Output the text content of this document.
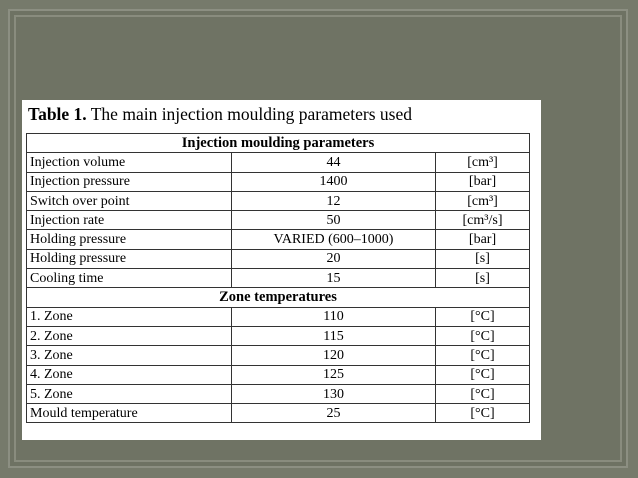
Table 1. The main injection moulding parameters used
Injection moulding parameters		
Injection volume	44	[cm³]
Injection pressure	1400	[bar]
Switch over point	12	[cm³]
Injection rate	50	[cm³/s]
Holding pressure	VARIED (600–1000)	[bar]
Holding pressure	20	[s]
Cooling time	15	[s]
Zone temperatures		
1. Zone	110	[°C]
2. Zone	115	[°C]
3. Zone	120	[°C]
4. Zone	125	[°C]
5. Zone	130	[°C]
Mould temperature	25	[°C]
